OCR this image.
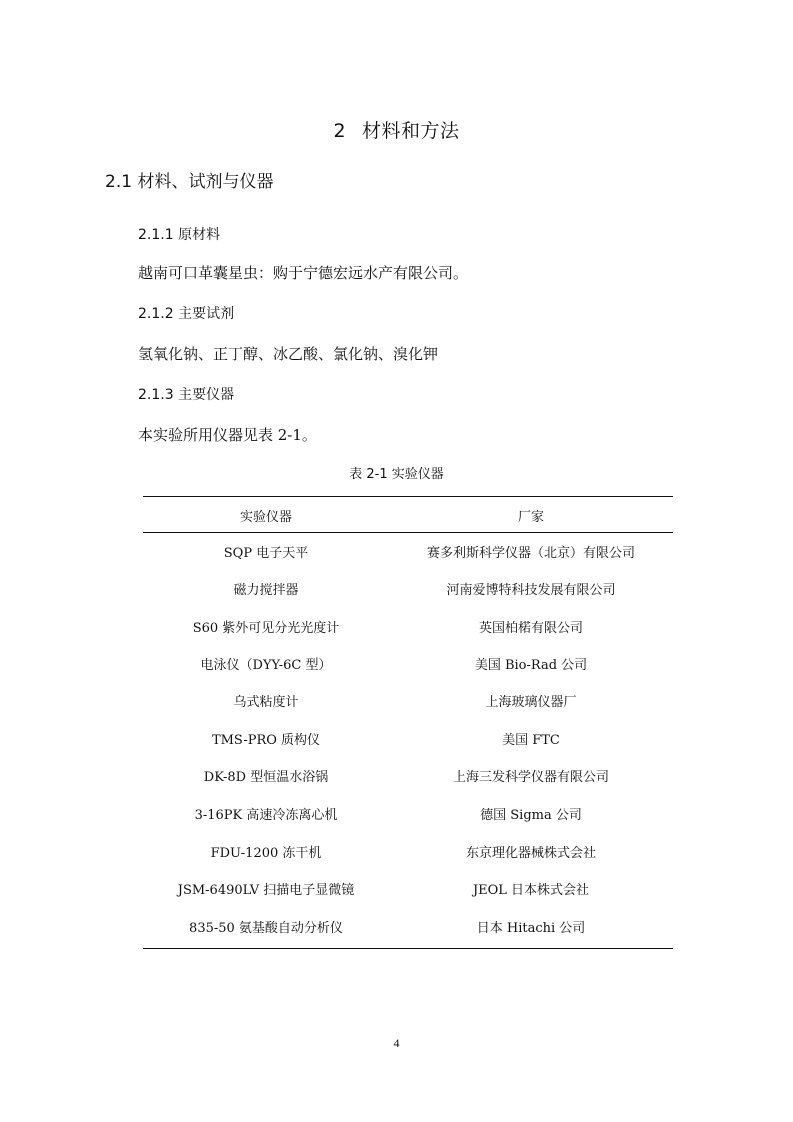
2 材料和方法
2.1 材料、试剂与仪器
2.1.1 原材料
越南可口革囊星虫：购于宁德宏远水产有限公司。
2.1.2 主要试剂
氢氧化钠、正丁醇、冰乙酸、氯化钠、溴化钾
2.1.3 主要仪器
本实验所用仪器见表 2-1。
表 2-1 实验仪器
实验仪器	厂家
SQP 电子天平	赛多利斯科学仪器（北京）有限公司
磁力搅拌器	河南爱博特科技发展有限公司
S60 紫外可见分光光度计	英国柏楉有限公司
电泳仪（DYY-6C 型）	美国 Bio-Rad 公司
乌式粘度计	上海玻璃仪器厂
TMS-PRO 质构仪	美国 FTC
DK-8D 型恒温水浴锅	上海三发科学仪器有限公司
3-16PK 高速冷冻离心机	德国 Sigma 公司
FDU-1200 冻干机	东京理化器械株式会社
JSM-6490LV 扫描电子显微镜	JEOL 日本株式会社
835-50 氨基酸自动分析仪	日本 Hitachi 公司
4
